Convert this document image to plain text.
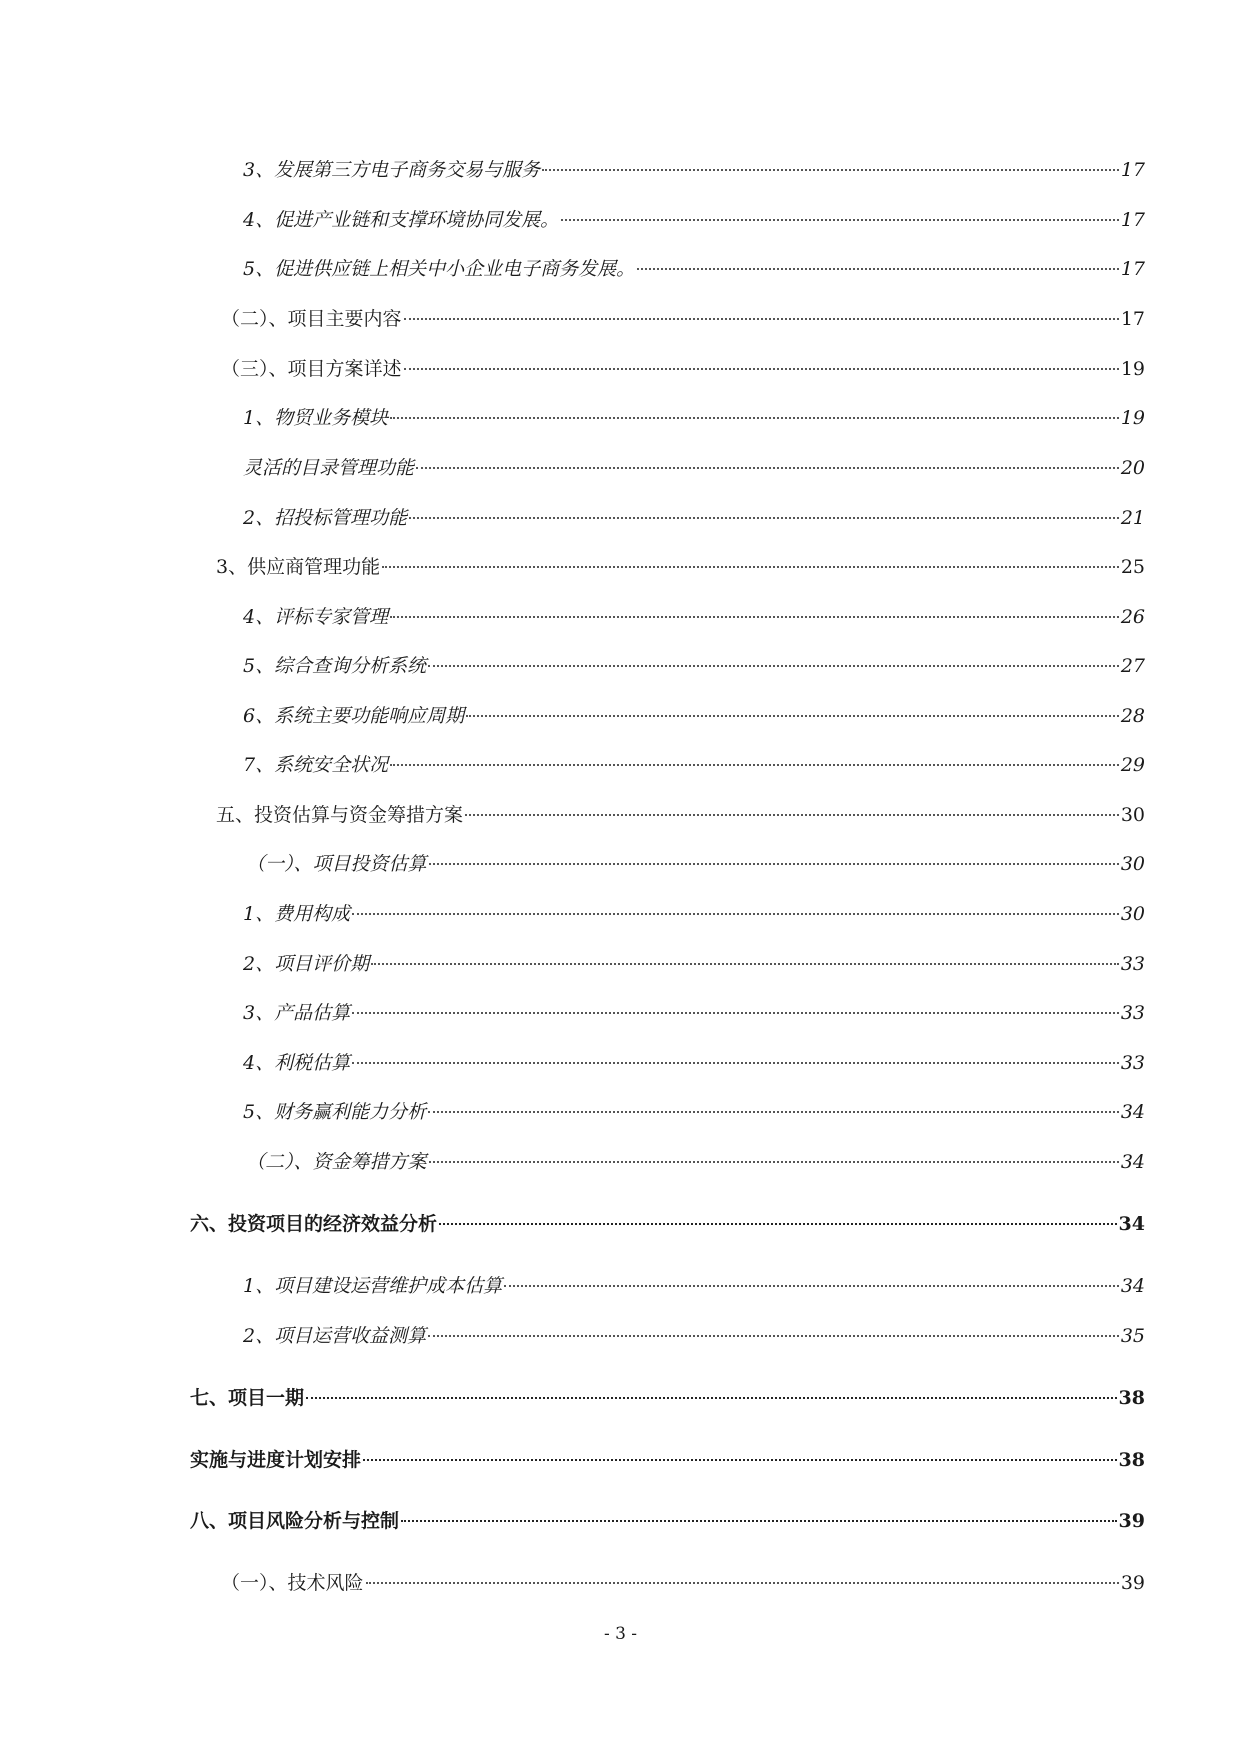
3、发展第三方电子商务交易与服务	17
4、促进产业链和支撑环境协同发展。	17
5、促进供应链上相关中小企业电子商务发展。	17
（二）、项目主要内容	17
（三）、项目方案详述	19
1、物贸业务模块	19
灵活的目录管理功能	20
2、招投标管理功能	21
3、供应商管理功能	25
4、评标专家管理	26
5、综合查询分析系统	27
6、系统主要功能响应周期	28
7、系统安全状况	29
五、投资估算与资金筹措方案	30
（一）、项目投资估算	30
1、费用构成	30
2、项目评价期	33
3、产品估算	33
4、利税估算	33
5、财务赢利能力分析	34
（二）、资金筹措方案	34
六、投资项目的经济效益分析	34
1、项目建设运营维护成本估算	34
2、项目运营收益测算	35
七、项目一期	38
实施与进度计划安排	38
八、项目风险分析与控制	39
（一）、技术风险	39
- 3 -
